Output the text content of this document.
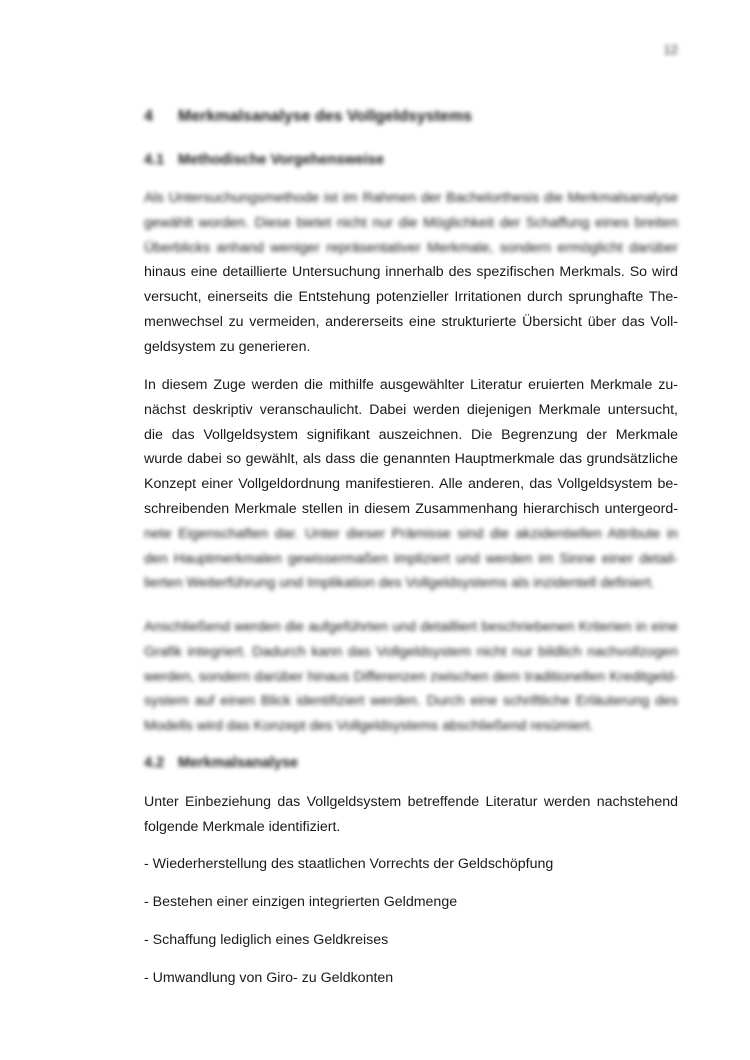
12
4 Merkmalsanalyse des Vollgeldsystems
4.1 Methodische Vorgehensweise
Als Untersuchungsmethode ist im Rahmen der Bachelorthesis die Merkmalsanalyse
gewählt worden. Diese bietet nicht nur die Möglichkeit der Schaffung eines breiten
Überblicks anhand weniger repräsentativer Merkmale, sondern ermöglicht darüber
hinaus eine detaillierte Untersuchung innerhalb des spezifischen Merkmals. So wird
versucht, einerseits die Entstehung potenzieller Irritationen durch sprunghafte The-
menwechsel zu vermeiden, andererseits eine strukturierte Übersicht über das Voll-
geldsystem zu generieren.
In diesem Zuge werden die mithilfe ausgewählter Literatur eruierten Merkmale zu-
nächst deskriptiv veranschaulicht. Dabei werden diejenigen Merkmale untersucht,
die das Vollgeldsystem signifikant auszeichnen. Die Begrenzung der Merkmale
wurde dabei so gewählt, als dass die genannten Hauptmerkmale das grundsätzliche
Konzept einer Vollgeldordnung manifestieren. Alle anderen, das Vollgeldsystem be-
schreibenden Merkmale stellen in diesem Zusammenhang hierarchisch untergeord-
nete Eigenschaften dar. Unter dieser Prämisse sind die akzidentiellen Attribute in
den Hauptmerkmalen gewissermaßen impliziert und werden im Sinne einer detail-
lierten Weiterführung und Implikation des Vollgeldsystems als inzidentell definiert.
Anschließend werden die aufgeführten und detailliert beschriebenen Kriterien in eine
Grafik integriert. Dadurch kann das Vollgeldsystem nicht nur bildlich nachvollzogen
werden, sondern darüber hinaus Differenzen zwischen dem traditionellen Kreditgeld-
system auf einen Blick identifiziert werden. Durch eine schriftliche Erläuterung des
Modells wird das Konzept des Vollgeldsystems abschließend resümiert.
4.2 Merkmalsanalyse
Unter Einbeziehung das Vollgeldsystem betreffende Literatur werden nachstehend
folgende Merkmale identifiziert.
- Wiederherstellung des staatlichen Vorrechts der Geldschöpfung
- Bestehen einer einzigen integrierten Geldmenge
- Schaffung lediglich eines Geldkreises
- Umwandlung von Giro- zu Geldkonten
